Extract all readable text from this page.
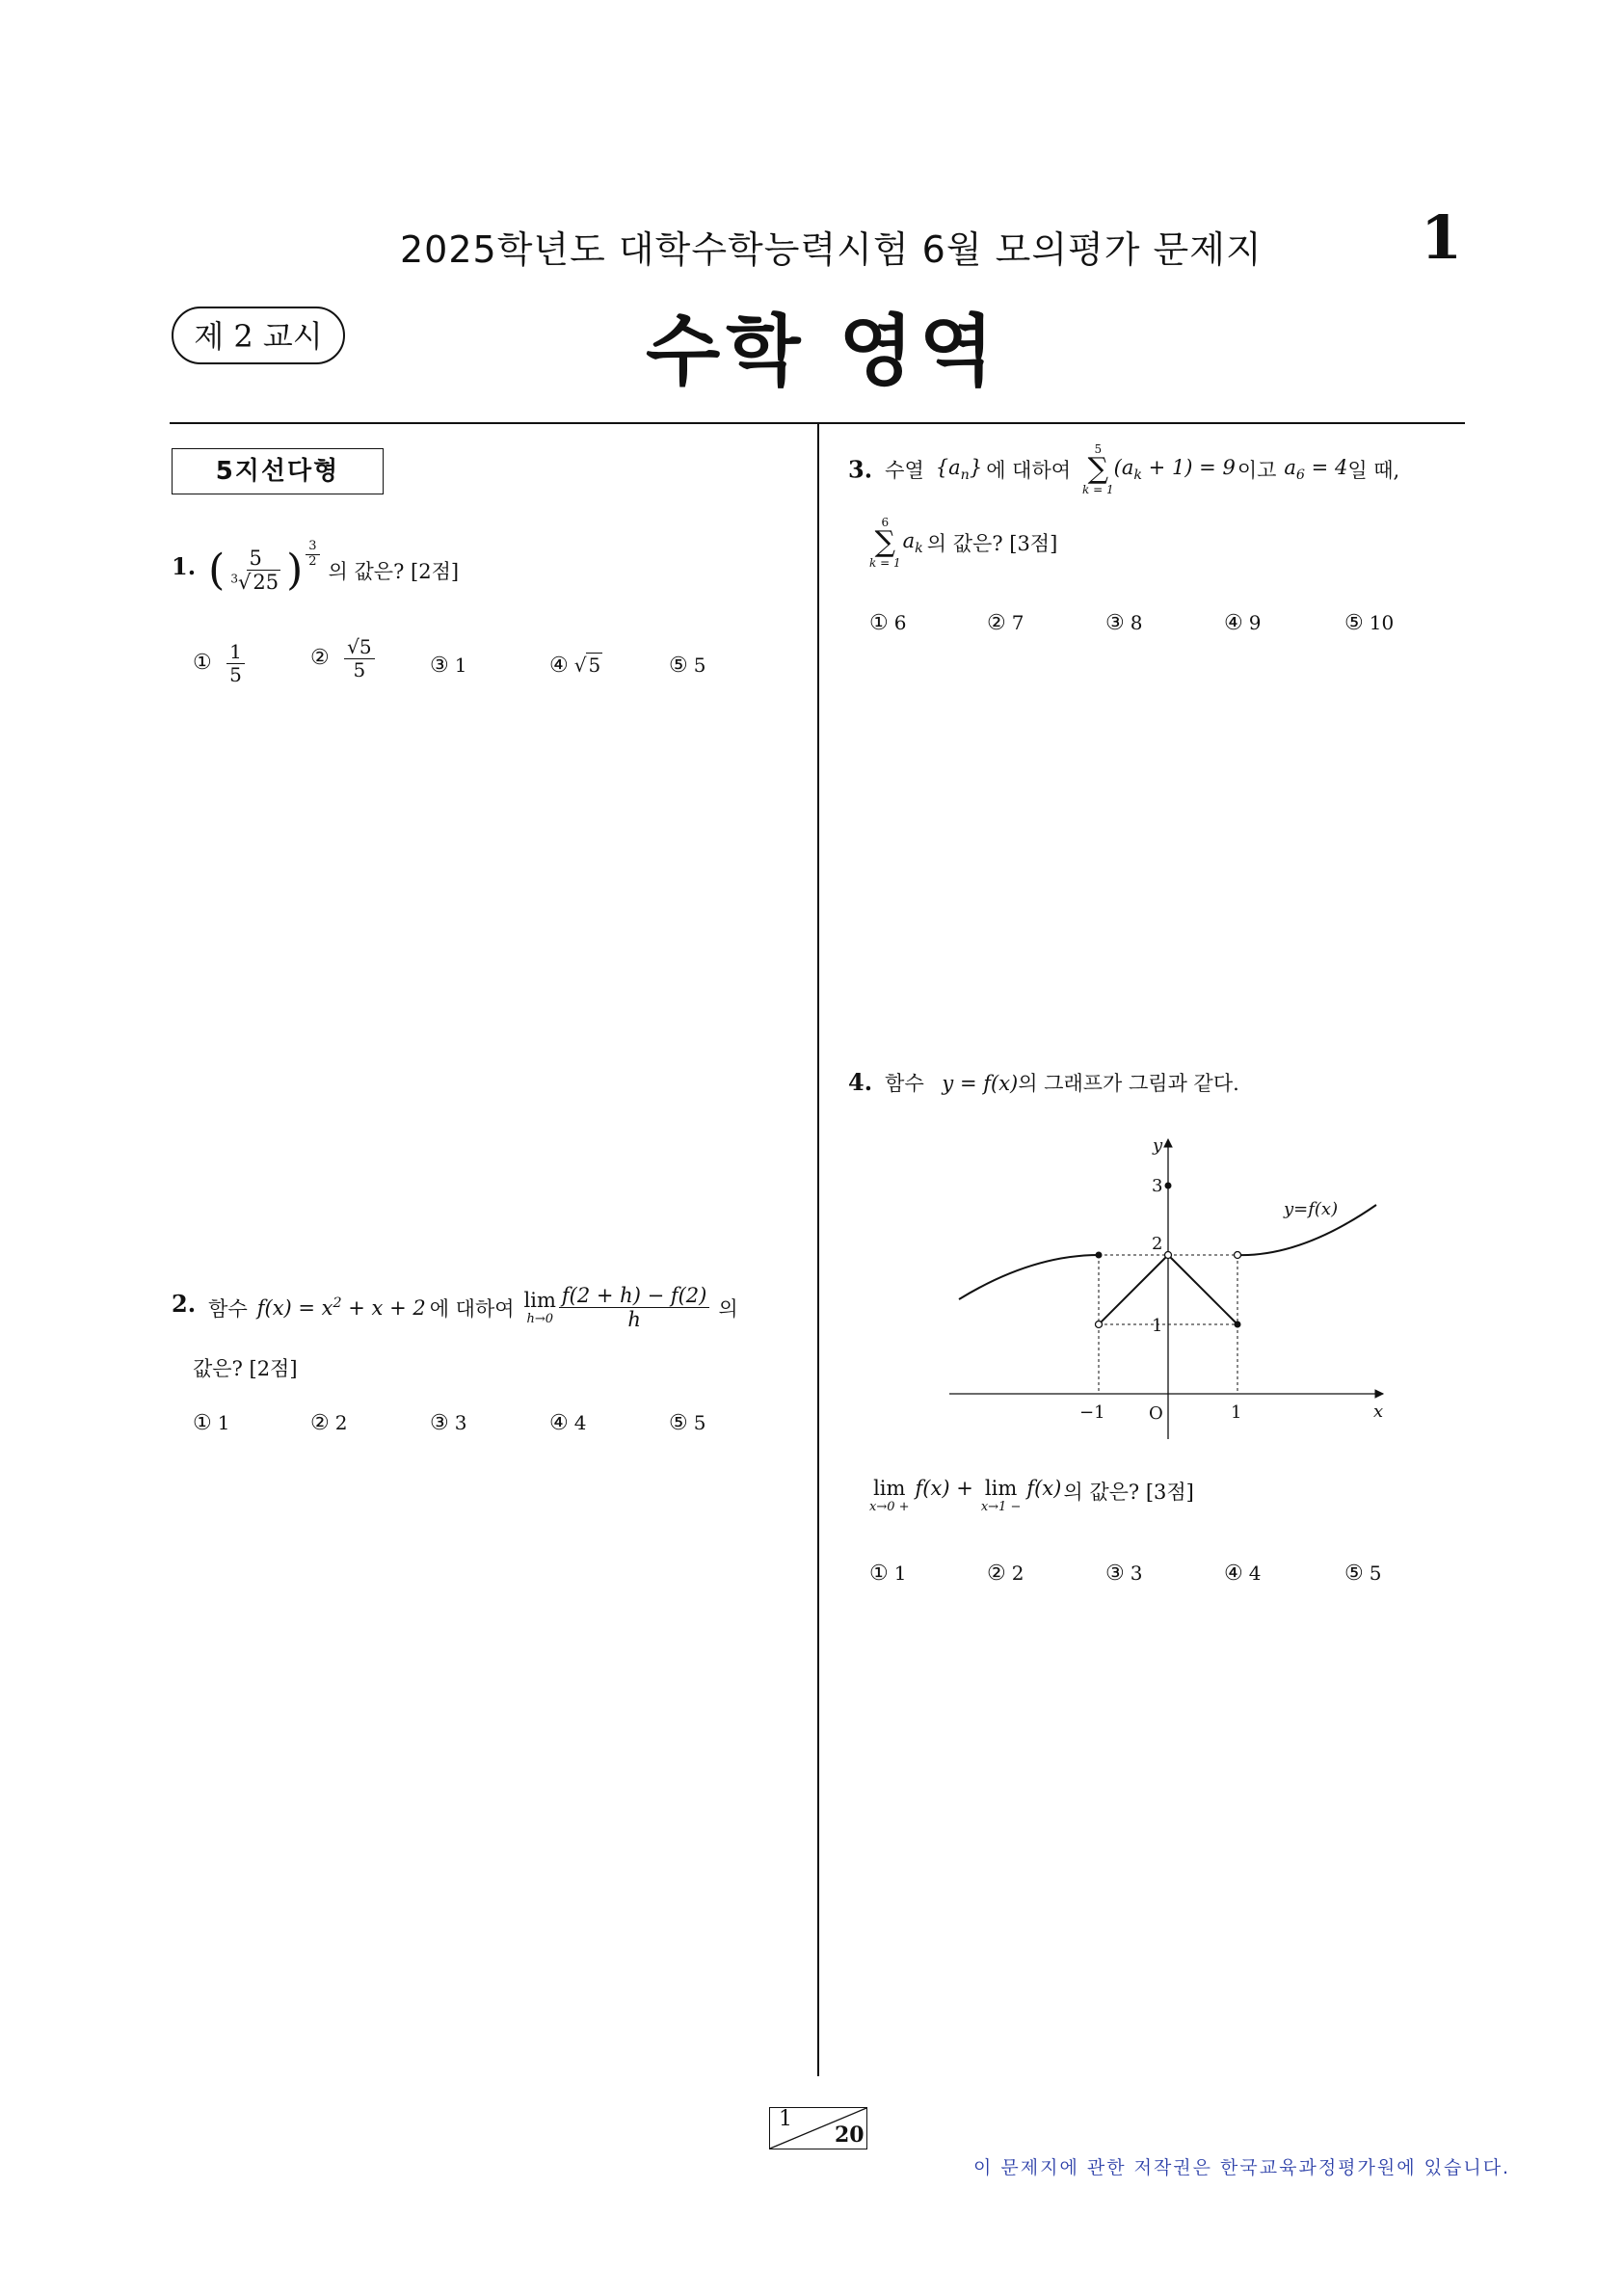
2025학년도 대학수학능력시험 6월 모의평가 문제지	1
제 2 교시	수학 영역
5지선다형
1. ( $\frac{5}{^3√25}$ ) $\frac{3}{2}$
의 값은? [2점]
① $\frac{1}{5}$	② $\frac{√5}{5}$	③ 1	④ √ 5	⑤ 5
2. 함수 $f(x) = x^2 + x + 2$ 에 대하여 lim
$h\to 0 \frac{f(2 + h) - f(2)}{h}$ 의
값은? [2점]
① 1	② 2	③ 3	④ 4	⑤ 5
3. 수열 $\{a_n\}$ 에 대하여
5
∑
k = 1
$(a_k + 1) = 9$ 이고 $a_6 = 4$ 일 때,
6
∑
k = 1
$a_k$ 의 값은? [3점]
① 6	② 7	③ 8	④ 9	⑤ 10
4. 함수 y = f(x)의 그래프가 그림과 같다.
y
x
O
−1	1
1
2
3
y=f(x)
lim
x→0 +
f(x) + lim
x→1 −
f(x) 의 값은? [3점]
① 1	② 2	③ 3	④ 4	⑤ 5
1
20
이 문제지에 관한 저작권은 한국교육과정평가원에 있습니다.
